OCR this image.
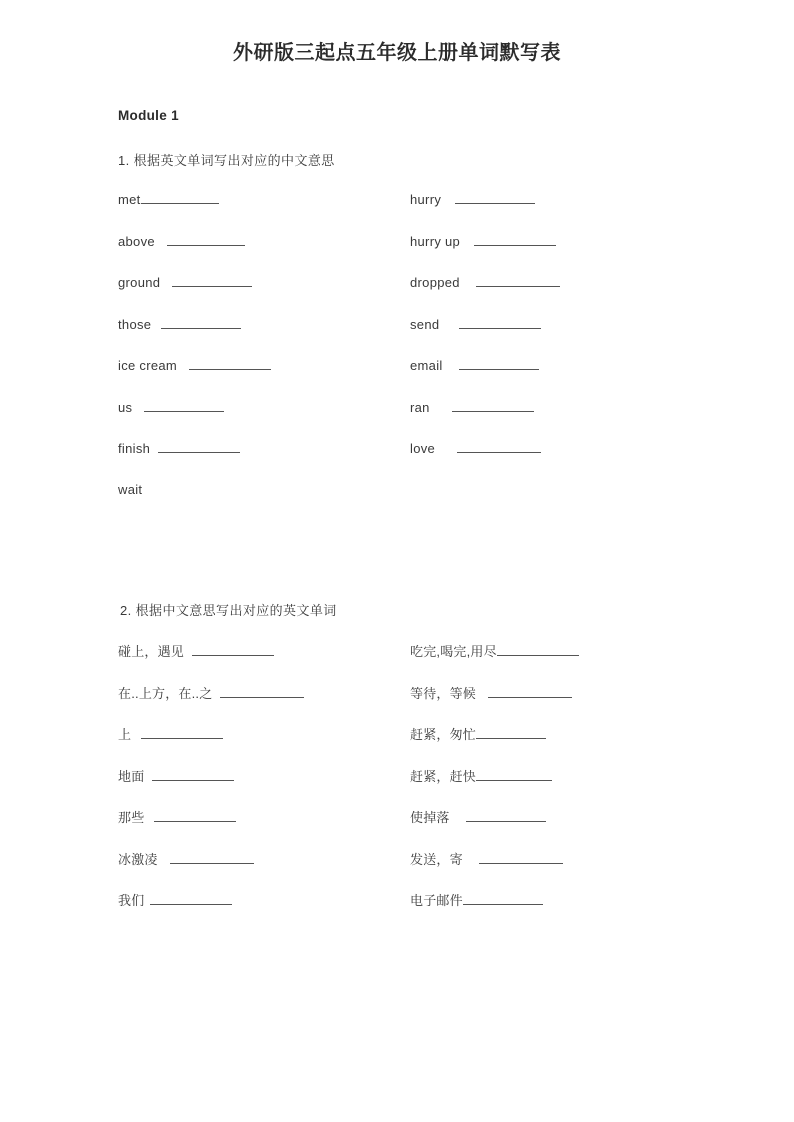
外研版三起点五年级上册单词默写表
Module 1
1. 根据英文单词写出对应的中文意思
met
above
ground
those
ice cream
us
finish
wait
hurry
hurry up
dropped
send
email
ran
love
2. 根据中文意思写出对应的英文单词
碰上，遇见
在..上方，在..之
上
地面
那些
冰激凌
我们
吃完,喝完,用尽
等待，等候
赶紧，匆忙
赶紧，赶快
使掉落
发送，寄
电子邮件
